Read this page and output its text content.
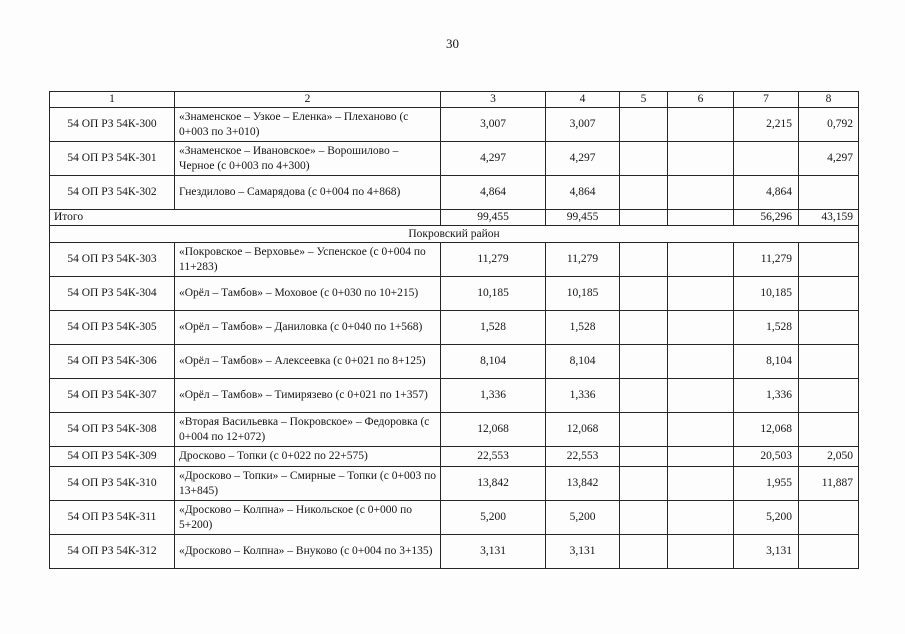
30
1	2	3	4	5	6	7	8
54 ОП РЗ 54К-300	«Знаменское – Узкое – Еленка» – Плеханово (с 0+003 по 3+010)	3,007	3,007			2,215	0,792
54 ОП РЗ 54К-301	«Знаменское – Ивановское» – Ворошилово – Черное (с 0+003 по 4+300)	4,297	4,297				4,297
54 ОП РЗ 54К-302	Гнездилово – Самарядова (с 0+004 по 4+868)	4,864	4,864			4,864	
Итого		99,455	99,455			56,296	43,159
Покровский район							
54 ОП РЗ 54К-303	«Покровское – Верховье» – Успенское (с 0+004 по 11+283)	11,279	11,279			11,279	
54 ОП РЗ 54К-304	«Орёл – Тамбов» – Моховое (с 0+030 по 10+215)	10,185	10,185			10,185	
54 ОП РЗ 54К-305	«Орёл – Тамбов» – Даниловка (с 0+040 по 1+568)	1,528	1,528			1,528	
54 ОП РЗ 54К-306	«Орёл – Тамбов» – Алексеевка (с 0+021 по 8+125)	8,104	8,104			8,104	
54 ОП РЗ 54К-307	«Орёл – Тамбов» – Тимирязево (с 0+021 по 1+357)	1,336	1,336			1,336	
54 ОП РЗ 54К-308	«Вторая Васильевка – Покровское» – Федоровка (с 0+004 по 12+072)	12,068	12,068			12,068	
54 ОП РЗ 54К-309	Дросково – Топки (с 0+022 по 22+575)	22,553	22,553			20,503	2,050
54 ОП РЗ 54К-310	«Дросково – Топки» – Смирные – Топки (с 0+003 по 13+845)	13,842	13,842			1,955	11,887
54 ОП РЗ 54К-311	«Дросково – Колпна» – Никольское (с 0+000 по 5+200)	5,200	5,200			5,200	
54 ОП РЗ 54К-312	«Дросково – Колпна» – Внуково (с 0+004 по 3+135)	3,131	3,131			3,131	
